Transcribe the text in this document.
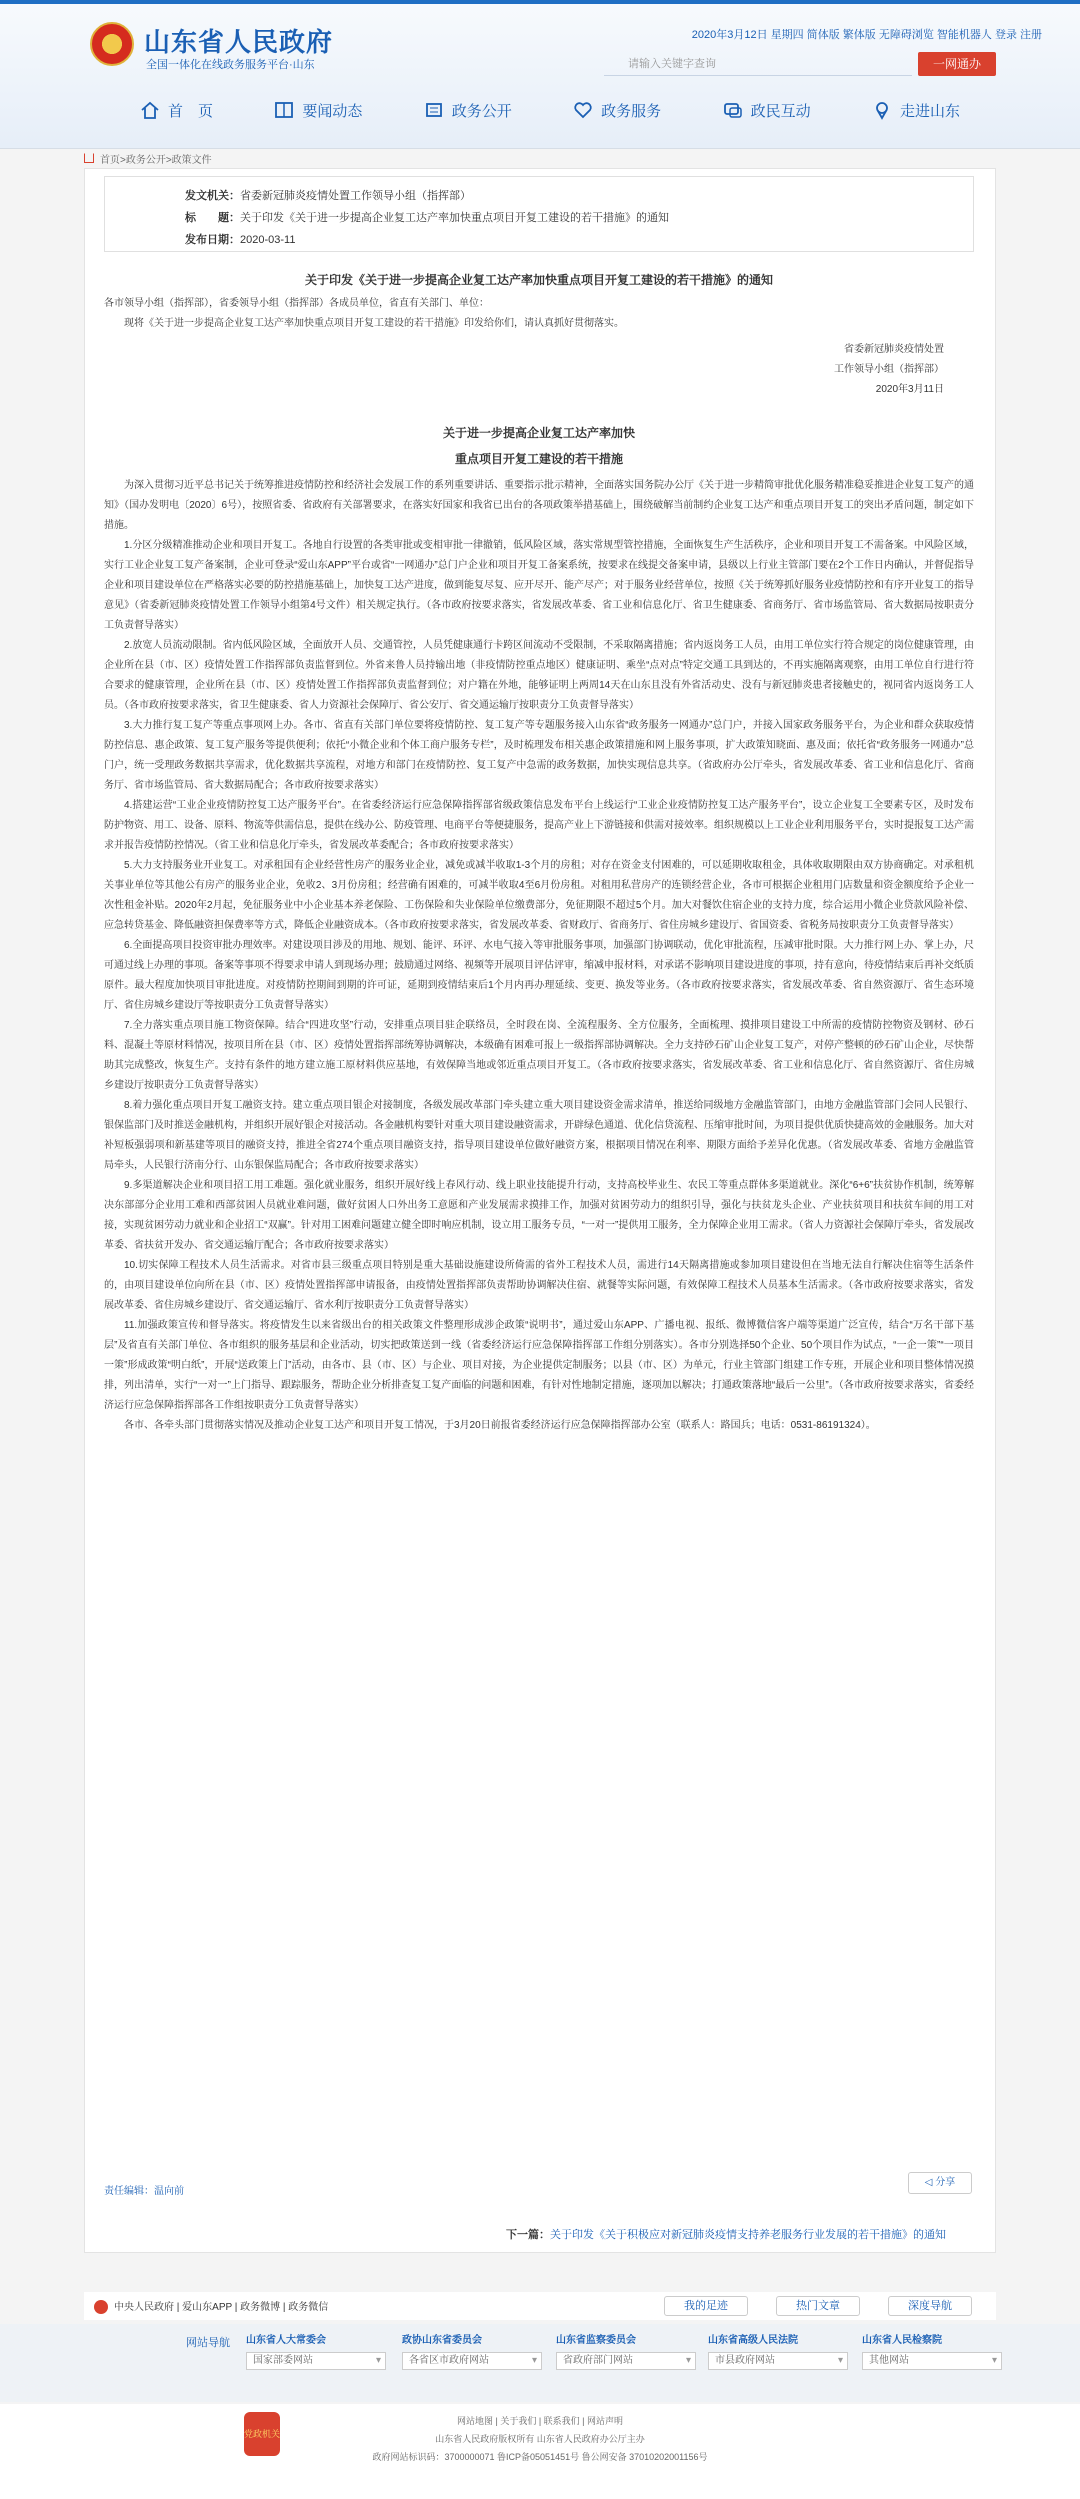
山东省人民政府
全国一体化在线政务服务平台·山东
2020年3月12日 星期四 简体版 繁体版 无障碍浏览 智能机器人 登录 注册
请输入关键字查询	一网通办
首　页	要闻动态	政务公开	政务服务	政民互动	走进山东
首页>政务公开>政策文件
发文机关：省委新冠肺炎疫情处置工作领导小组（指挥部）
标　　题：关于印发《关于进一步提高企业复工达产率加快重点项目开复工建设的若干措施》的通知
发布日期：2020-03-11
关于印发《关于进一步提高企业复工达产率加快重点项目开复工建设的若干措施》的通知

各市领导小组（指挥部），省委领导小组（指挥部）各成员单位，省直有关部门、单位：

现将《关于进一步提高企业复工达产率加快重点项目开复工建设的若干措施》印发给你们，请认真抓好贯彻落实。

省委新冠肺炎疫情处置

工作领导小组（指挥部）

2020年3月11日

关于进一步提高企业复工达产率加快

重点项目开复工建设的若干措施

为深入贯彻习近平总书记关于统筹推进疫情防控和经济社会发展工作的系列重要讲话、重要指示批示精神，全面落实国务院办公厅《关于进一步精简审批优化服务精准稳妥推进企业复工复产的通知》（国办发明电〔2020〕6号），按照省委、省政府有关部署要求，在落实好国家和我省已出台的各项政策举措基础上，围绕破解当前制约企业复工达产和重点项目开复工的突出矛盾问题，制定如下措施。

1.分区分级精准推动企业和项目开复工。各地自行设置的各类审批或变相审批一律撤销，低风险区域，落实常规型管控措施，全面恢复生产生活秩序，企业和项目开复工不需备案。中风险区域，实行工业企业复工复产备案制，企业可登录“爱山东APP”平台或省“一网通办”总门户企业和项目开复工备案系统，按要求在线提交备案申请，县级以上行业主管部门要在2个工作日内确认，并督促指导企业和项目建设单位在严格落实必要的防控措施基础上，加快复工达产进度，做到能复尽复、应开尽开、能产尽产；对于服务业经营单位，按照《关于统筹抓好服务业疫情防控和有序开业复工的指导意见》（省委新冠肺炎疫情处置工作领导小组第4号文件）相关规定执行。（各市政府按要求落实，省发展改革委、省工业和信息化厅、省卫生健康委、省商务厅、省市场监管局、省大数据局按职责分工负责督导落实）

2.放宽人员流动限制。省内低风险区域，全面放开人员、交通管控，人员凭健康通行卡跨区间流动不受限制，不采取隔离措施；省内返岗务工人员，由用工单位实行符合规定的岗位健康管理，由企业所在县（市、区）疫情处置工作指挥部负责监督到位。外省来鲁人员持输出地（非疫情防控重点地区）健康证明、乘坐“点对点”特定交通工具到达的，不再实施隔离观察，由用工单位自行进行符合要求的健康管理，企业所在县（市、区）疫情处置工作指挥部负责监督到位；对户籍在外地，能够证明上两周14天在山东且没有外省活动史、没有与新冠肺炎患者接触史的，视同省内返岗务工人员。（各市政府按要求落实，省卫生健康委、省人力资源社会保障厅、省公安厅、省交通运输厅按职责分工负责督导落实）

3.大力推行复工复产等重点事项网上办。各市、省直有关部门单位要将疫情防控、复工复产等专题服务接入山东省“政务服务一网通办”总门户，并接入国家政务服务平台，为企业和群众获取疫情防控信息、惠企政策、复工复产服务等提供便利；依托“小微企业和个体工商户服务专栏”，及时梳理发布相关惠企政策措施和网上服务事项，扩大政策知晓面、惠及面；依托省“政务服务一网通办”总门户，统一受理政务数据共享需求，优化数据共享流程，对地方和部门在疫情防控、复工复产中急需的政务数据，加快实现信息共享。（省政府办公厅牵头，省发展改革委、省工业和信息化厅、省商务厅、省市场监管局、省大数据局配合；各市政府按要求落实）

4.搭建运营“工业企业疫情防控复工达产服务平台”。在省委经济运行应急保障指挥部省级政策信息发布平台上线运行“工业企业疫情防控复工达产服务平台”，设立企业复工全要素专区，及时发布防护物资、用工、设备、原料、物流等供需信息，提供在线办公、防疫管理、电商平台等便捷服务，提高产业上下游链接和供需对接效率。组织规模以上工业企业利用服务平台，实时提报复工达产需求并报告疫情防控情况。（省工业和信息化厅牵头，省发展改革委配合；各市政府按要求落实）

5.大力支持服务业开业复工。对承租国有企业经营性房产的服务业企业，减免或减半收取1-3个月的房租；对存在资金支付困难的，可以延期收取租金，具体收取期限由双方协商确定。对承租机关事业单位等其他公有房产的服务业企业，免收2、3月份房租；经营确有困难的，可减半收取4至6月份房租。对租用私营房产的连锁经营企业，各市可根据企业租用门店数量和资金额度给予企业一次性租金补贴。2020年2月起，免征服务业中小企业基本养老保险、工伤保险和失业保险单位缴费部分，免征期限不超过5个月。加大对餐饮住宿企业的支持力度，综合运用小微企业贷款风险补偿、应急转贷基金、降低融资担保费率等方式，降低企业融资成本。（各市政府按要求落实，省发展改革委、省财政厅、省商务厅、省住房城乡建设厅、省国资委、省税务局按职责分工负责督导落实）

6.全面提高项目投资审批办理效率。对建设项目涉及的用地、规划、能评、环评、水电气接入等审批服务事项，加强部门协调联动，优化审批流程，压减审批时限。大力推行网上办、掌上办，尺可通过线上办理的事项。备案等事项不得要求申请人到现场办理；鼓励通过网络、视频等开展项目评估评审，缩减申报材料，对承诺不影响项目建设进度的事项，持有意向，待疫情结束后再补交纸质原件。最大程度加快项目审批进度。对疫情防控期间到期的许可证，延期到疫情结束后1个月内再办理延续、变更、换发等业务。（各市政府按要求落实，省发展改革委、省自然资源厅、省生态环境厅、省住房城乡建设厅等按职责分工负责督导落实）

7.全力落实重点项目施工物资保障。结合“四进攻坚”行动，安排重点项目驻企联络员，全时段在岗、全流程服务、全方位服务，全面梳理、摸排项目建设工中所需的疫情防控物资及钢材、砂石料、混凝土等原材料情况，按项目所在县（市、区）疫情处置指挥部统筹协调解决，本级确有困难可报上一级指挥部协调解决。全力支持砂石矿山企业复工复产，对停产整顿的砂石矿山企业，尽快帮助其完成整改，恢复生产。支持有条件的地方建立施工原材料供应基地，有效保障当地或邻近重点项目开复工。（各市政府按要求落实，省发展改革委、省工业和信息化厅、省自然资源厅、省住房城乡建设厅按职责分工负责督导落实）

8.着力强化重点项目开复工融资支持。建立重点项目银企对接制度，各级发展改革部门牵头建立重大项目建设资金需求清单，推送给同级地方金融监管部门，由地方金融监管部门会同人民银行、银保监部门及时推送金融机构，并组织开展好银企对接活动。各金融机构要针对重大项目建设融资需求，开辟绿色通道、优化信贷流程、压缩审批时间，为项目提供优质快捷高效的金融服务。加大对补短板强弱项和新基建等项目的融资支持，推进全省274个重点项目融资支持，指导项目建设单位做好融资方案，根据项目情况在利率、期限方面给予差异化优惠。（省发展改革委、省地方金融监管局牵头，人民银行济南分行、山东银保监局配合；各市政府按要求落实）

9.多渠道解决企业和项目招工用工难题。强化就业服务，组织开展好线上春风行动、线上职业技能提升行动，支持高校毕业生、农民工等重点群体多渠道就业。深化“6+6”扶贫协作机制，统筹解决东部部分企业用工难和西部贫困人员就业难问题，做好贫困人口外出务工意愿和产业发展需求摸排工作，加强对贫困劳动力的组织引导，强化与扶贫龙头企业、产业扶贫项目和扶贫车间的用工对接，实现贫困劳动力就业和企业招工“双赢”。针对用工困难问题建立健全即时响应机制，设立用工服务专员，“一对一”提供用工服务，全力保障企业用工需求。（省人力资源社会保障厅牵头，省发展改革委、省扶贫开发办、省交通运输厅配合；各市政府按要求落实）

10.切实保障工程技术人员生活需求。对省市县三级重点项目特别是重大基础设施建设所倚需的省外工程技术人员，需进行14天隔离措施或参加项目建设但在当地无法自行解决住宿等生活条件的，由项目建设单位向所在县（市、区）疫情处置指挥部申请报备，由疫情处置指挥部负责帮助协调解决住宿、就餐等实际问题，有效保障工程技术人员基本生活需求。（各市政府按要求落实，省发展改革委、省住房城乡建设厅、省交通运输厅、省水利厅按职责分工负责督导落实）

11.加强政策宣传和督导落实。将疫情发生以来省级出台的相关政策文件整理形成涉企政策“说明书”，通过爱山东APP、广播电视、报纸、微博微信客户端等渠道广泛宣传，结合“万名干部下基层”及省直有关部门单位、各市组织的服务基层和企业活动，切实把政策送到一线（省委经济运行应急保障指挥部工作组分别落实）。各市分别选择50个企业、50个项目作为试点，“一企一策”“一项目一策”形成政策“明白纸”，开展“送政策上门”活动，由各市、县（市、区）与企业、项目对接，为企业提供定制服务；以县（市、区）为单元，行业主管部门组建工作专班，开展企业和项目整体情况摸排，列出清单，实行“一对一”上门指导、跟踪服务，帮助企业分析排查复工复产面临的问题和困难，有针对性地制定措施，逐项加以解决；打通政策落地“最后一公里”。（各市政府按要求落实，省委经济运行应急保障指挥部各工作组按职责分工负责督导落实）

各市、各牵头部门贯彻落实情况及推动企业复工达产和项目开复工情况，于3月20日前报省委经济运行应急保障指挥部办公室（联系人：路国兵；电话：0531-86191324）。

责任编辑：温向前
◁ 分享
下一篇：关于印发《关于积极应对新冠肺炎疫情支持养老服务行业发展的若干措施》的通知
中央人民政府 | 爱山东APP | 政务微博 | 政务微信	我的足迹	热门文章	深度导航
网站导航 山东省人大常委会
国家部委网站 ▾
政协山东省委员会
各省区市政府网站 ▾
山东省监察委员会
省政府部门网站 ▾
山东省高级人民法院
市县政府网站 ▾
山东省人民检察院
其他网站 ▾
党政机关
网站地图 | 关于我们 | 联系我们 | 网站声明
山东省人民政府版权所有 山东省人民政府办公厅主办
政府网站标识码：3700000071 鲁ICP备05051451号 鲁公网安备 37010202001156号
